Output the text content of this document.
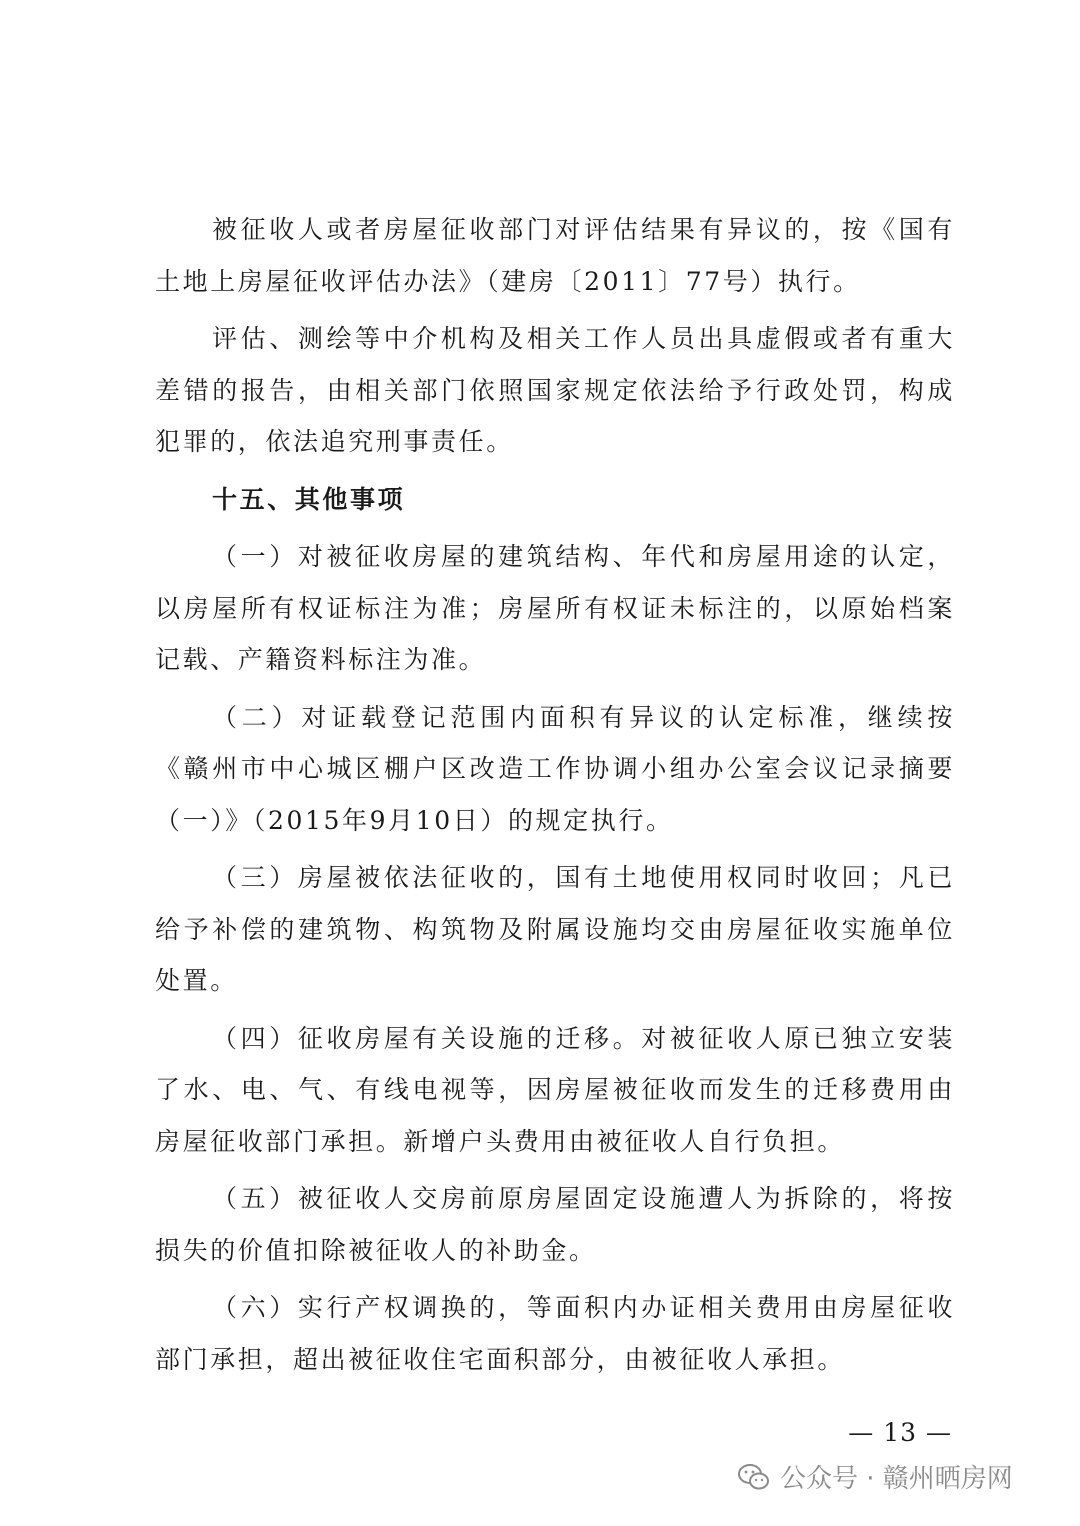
被征收人或者房屋征收部门对评估结果有异议的，按《国有土地上房屋征收评估办法》（建房〔2011〕77号）执行。

评估、测绘等中介机构及相关工作人员出具虚假或者有重大差错的报告，由相关部门依照国家规定依法给予行政处罚，构成犯罪的，依法追究刑事责任。

十五、其他事项

（一）对被征收房屋的建筑结构、年代和房屋用途的认定，以房屋所有权证标注为准；房屋所有权证未标注的，以原始档案记载、产籍资料标注为准。

（二）对证载登记范围内面积有异议的认定标准，继续按《赣州市中心城区棚户区改造工作协调小组办公室会议记录摘要（一）》（2015年9月10日）的规定执行。

（三）房屋被依法征收的，国有土地使用权同时收回；凡已给予补偿的建筑物、构筑物及附属设施均交由房屋征收实施单位处置。

（四）征收房屋有关设施的迁移。对被征收人原已独立安装了水、电、气、有线电视等，因房屋被征收而发生的迁移费用由房屋征收部门承担。新增户头费用由被征收人自行负担。

（五）被征收人交房前原房屋固定设施遭人为拆除的，将按损失的价值扣除被征收人的补助金。

（六）实行产权调换的，等面积内办证相关费用由房屋征收部门承担，超出被征收住宅面积部分，由被征收人承担。

— 13 —
公众号 · 赣州晒房网
